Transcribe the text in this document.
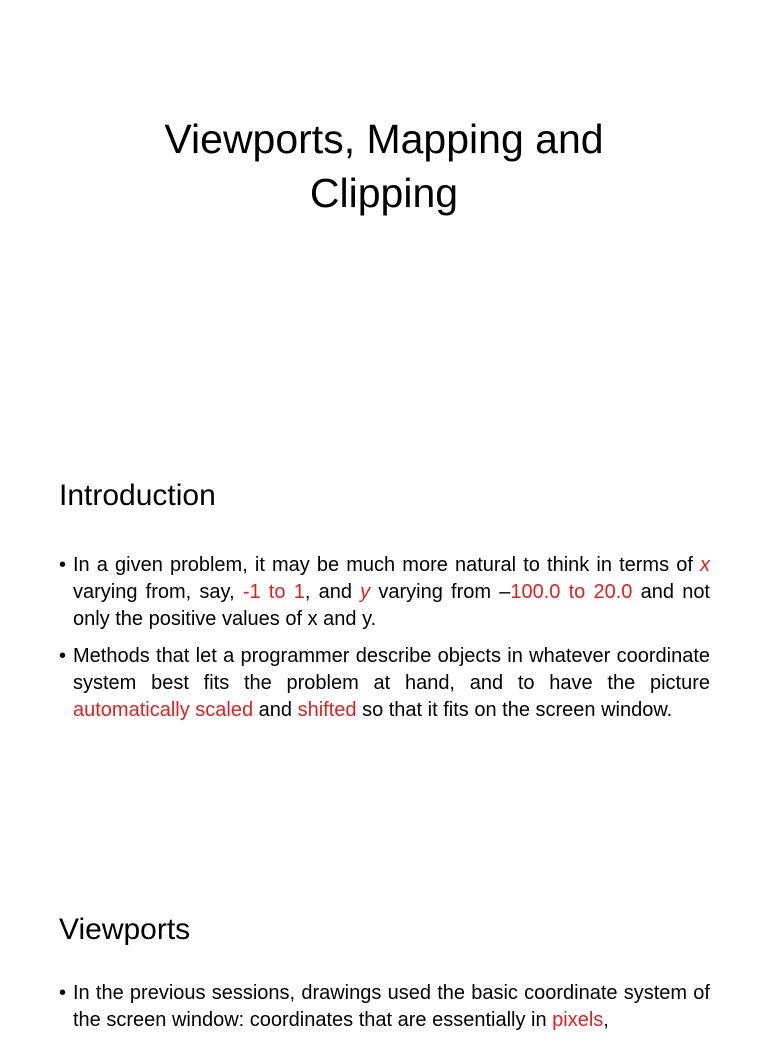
Viewports, Mapping and
Clipping
Introduction
• In a given problem, it may be much more natural to think in terms of x varying from, say, -1 to 1, and y varying from –100.0 to 20.0 and not only the positive values of x and y.
• Methods that let a programmer describe objects in whatever coordinate system best fits the problem at hand, and to have the picture automatically scaled and shifted so that it fits on the screen window.
Viewports
• In the previous sessions, drawings used the basic coordinate system of the screen window: coordinates that are essentially in pixels,
